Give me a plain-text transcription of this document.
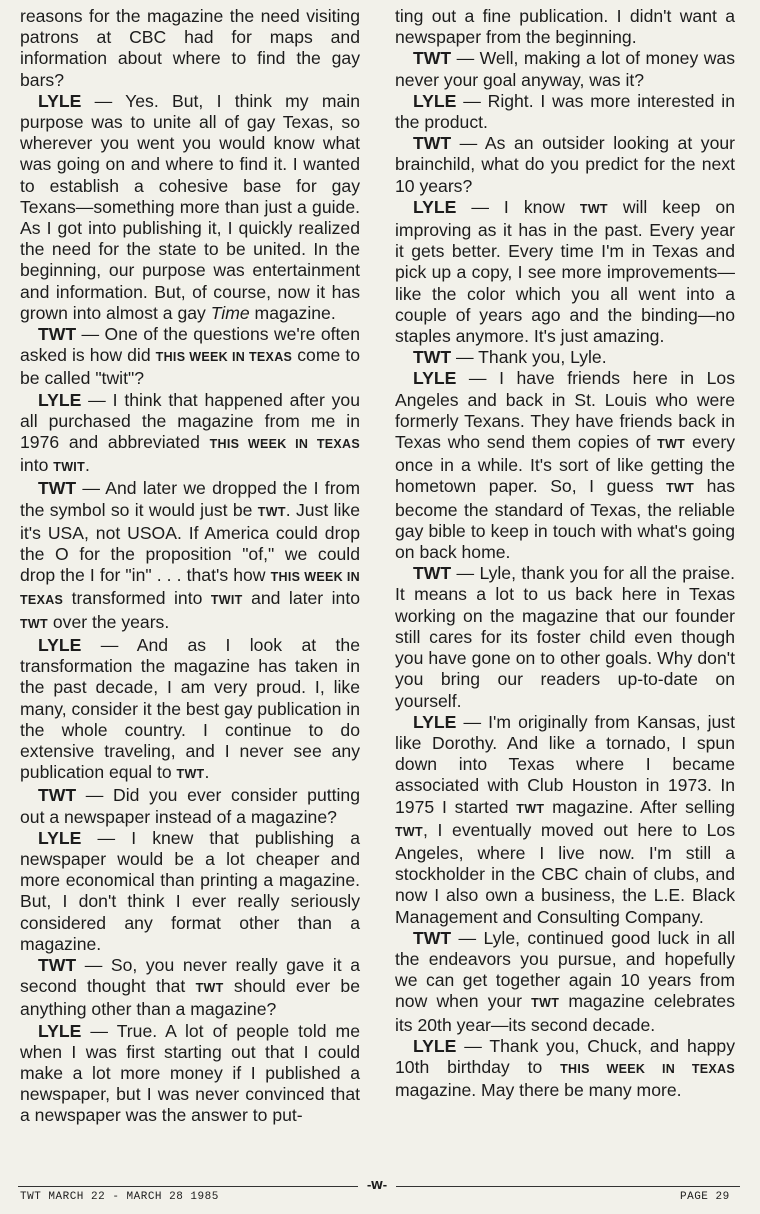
reasons for the magazine the need visiting patrons at CBC had for maps and information about where to find the gay bars?

LYLE — Yes. But, I think my main purpose was to unite all of gay Texas, so wherever you went you would know what was going on and where to find it. I wanted to establish a cohesive base for gay Texans—something more than just a guide. As I got into publishing it, I quickly realized the need for the state to be united. In the beginning, our purpose was entertainment and information. But, of course, now it has grown into almost a gay Time magazine.

TWT — One of the questions we're often asked is how did THIS WEEK IN TEXAS come to be called "twit"?

LYLE — I think that happened after you all purchased the magazine from me in 1976 and abbreviated THIS WEEK IN TEXAS into TWIT.

TWT — And later we dropped the I from the symbol so it would just be TWT. Just like it's USA, not USOA. If America could drop the O for the proposition "of," we could drop the I for "in" . . . that's how THIS WEEK IN TEXAS transformed into TWIT and later into TWT over the years.

LYLE — And as I look at the transformation the magazine has taken in the past decade, I am very proud. I, like many, consider it the best gay publication in the whole country. I continue to do extensive traveling, and I never see any publication equal to TWT.

TWT — Did you ever consider putting out a newspaper instead of a magazine?

LYLE — I knew that publishing a newspaper would be a lot cheaper and more economical than printing a magazine. But, I don't think I ever really seriously considered any format other than a magazine.

TWT — So, you never really gave it a second thought that TWT should ever be anything other than a magazine?

LYLE — True. A lot of people told me when I was first starting out that I could make a lot more money if I published a newspaper, but I was never convinced that a newspaper was the answer to put-

ting out a fine publication. I didn't want a newspaper from the beginning.

TWT — Well, making a lot of money was never your goal anyway, was it?

LYLE — Right. I was more interested in the product.

TWT — As an outsider looking at your brainchild, what do you predict for the next 10 years?

LYLE — I know TWT will keep on improving as it has in the past. Every year it gets better. Every time I'm in Texas and pick up a copy, I see more improvements—like the color which you all went into a couple of years ago and the binding—no staples anymore. It's just amazing.

TWT — Thank you, Lyle.

LYLE — I have friends here in Los Angeles and back in St. Louis who were formerly Texans. They have friends back in Texas who send them copies of TWT every once in a while. It's sort of like getting the hometown paper. So, I guess TWT has become the standard of Texas, the reliable gay bible to keep in touch with what's going on back home.

TWT — Lyle, thank you for all the praise. It means a lot to us back here in Texas working on the magazine that our founder still cares for its foster child even though you have gone on to other goals. Why don't you bring our readers up-to-date on yourself.

LYLE — I'm originally from Kansas, just like Dorothy. And like a tornado, I spun down into Texas where I became associated with Club Houston in 1973. In 1975 I started TWT magazine. After selling TWT, I eventually moved out here to Los Angeles, where I live now. I'm still a stockholder in the CBC chain of clubs, and now I also own a business, the L.E. Black Management and Consulting Company.

TWT — Lyle, continued good luck in all the endeavors you pursue, and hopefully we can get together again 10 years from now when your TWT magazine celebrates its 20th year—its second decade.

LYLE — Thank you, Chuck, and happy 10th birthday to THIS WEEK IN TEXAS magazine. May there be many more.

-W-
TWT MARCH 22 - MARCH 28 1985	PAGE 29
